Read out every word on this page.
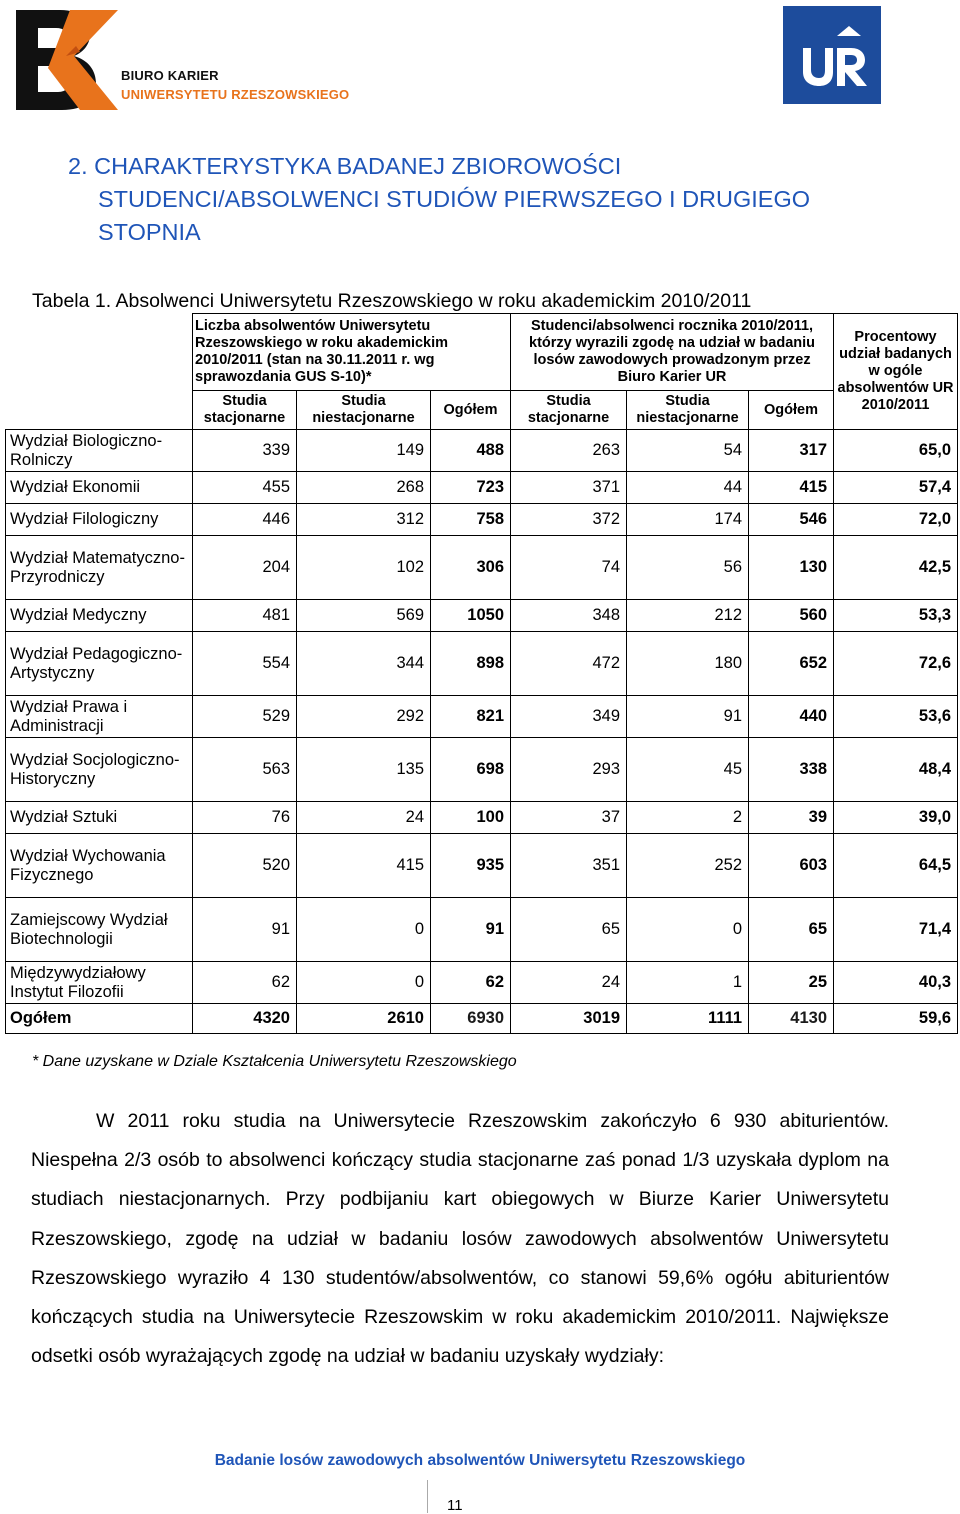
BIURO KARIER
UNIWERSYTETU RZESZOWSKIEGO
2. CHARAKTERYSTYKA BADANEJ ZBIOROWOŚCI
STUDENCI/ABSOLWENCI STUDIÓW PIERWSZEGO I DRUGIEGO
STOPNIA
Tabela 1. Absolwenci Uniwersytetu Rzeszowskiego w roku akademickim 2010/2011
	Liczba absolwentów Uniwersytetu Rzeszowskiego w roku akademickim 2010/2011 (stan na 30.11.2011 r. wg sprawozdania GUS S-10)*			Studenci/absolwenci rocznika 2010/2011, którzy wyrazili zgodę na udział w badaniu losów zawodowych prowadzonym przez Biuro Karier UR			Procentowy udział badanych w ogóle absolwentów UR 2010/2011
	Studia stacjonarne	Studia niestacjonarne	Ogółem	Studia stacjonarne	Studia niestacjonarne	Ogółem	
Wydział Biologiczno-Rolniczy	339	149	488	263	54	317	65,0
Wydział Ekonomii	455	268	723	371	44	415	57,4
Wydział Filologiczny	446	312	758	372	174	546	72,0
Wydział Matematyczno-Przyrodniczy	204	102	306	74	56	130	42,5
Wydział Medyczny	481	569	1050	348	212	560	53,3
Wydział Pedagogiczno-Artystyczny	554	344	898	472	180	652	72,6
Wydział Prawa i Administracji	529	292	821	349	91	440	53,6
Wydział Socjologiczno-Historyczny	563	135	698	293	45	338	48,4
Wydział Sztuki	76	24	100	37	2	39	39,0
Wydział Wychowania Fizycznego	520	415	935	351	252	603	64,5
Zamiejscowy Wydział Biotechnologii	91	0	91	65	0	65	71,4
Międzywydziałowy Instytut Filozofii	62	0	62	24	1	25	40,3
Ogółem	4320	2610	6930	3019	1111	4130	59,6
* Dane uzyskane w Dziale Kształcenia Uniwersytetu Rzeszowskiego

W 2011 roku studia na Uniwersytecie Rzeszowskim zakończyło 6 930 abiturientów. Niespełna 2/3 osób to absolwenci kończący studia stacjonarne zaś ponad 1/3 uzyskała dyplom na studiach niestacjonarnych. Przy podbijaniu kart obiegowych w Biurze Karier Uniwersytetu Rzeszowskiego, zgodę na udział w badaniu losów zawodowych absolwentów Uniwersytetu Rzeszowskiego wyraziło 4 130 studentów/absolwentów, co stanowi 59,6% ogółu abiturientów kończących studia na Uniwersytecie Rzeszowskim w roku akademickim 2010/2011. Największe odsetki osób wyrażających zgodę na udział w badaniu uzyskały wydziały:

Badanie losów zawodowych absolwentów Uniwersytetu Rzeszowskiego
11
